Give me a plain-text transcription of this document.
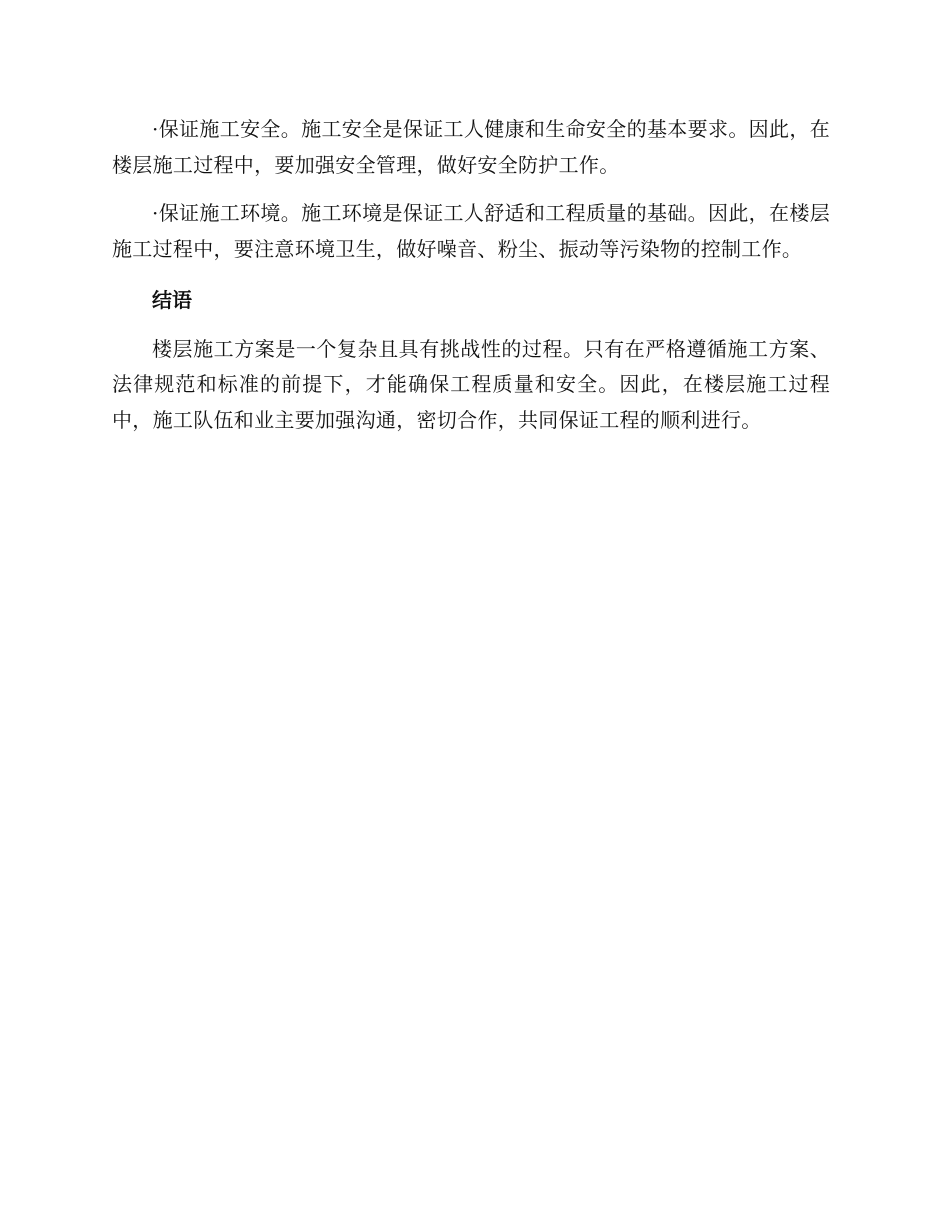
·保证施工安全。施工安全是保证工人健康和生命安全的基本要求。因此，在楼层施工过程中，要加强安全管理，做好安全防护工作。

·保证施工环境。施工环境是保证工人舒适和工程质量的基础。因此，在楼层施工过程中，要注意环境卫生，做好噪音、粉尘、振动等污染物的控制工作。

结语

楼层施工方案是一个复杂且具有挑战性的过程。只有在严格遵循施工方案、法律规范和标准的前提下，才能确保工程质量和安全。因此，在楼层施工过程中，施工队伍和业主要加强沟通，密切合作，共同保证工程的顺利进行。
